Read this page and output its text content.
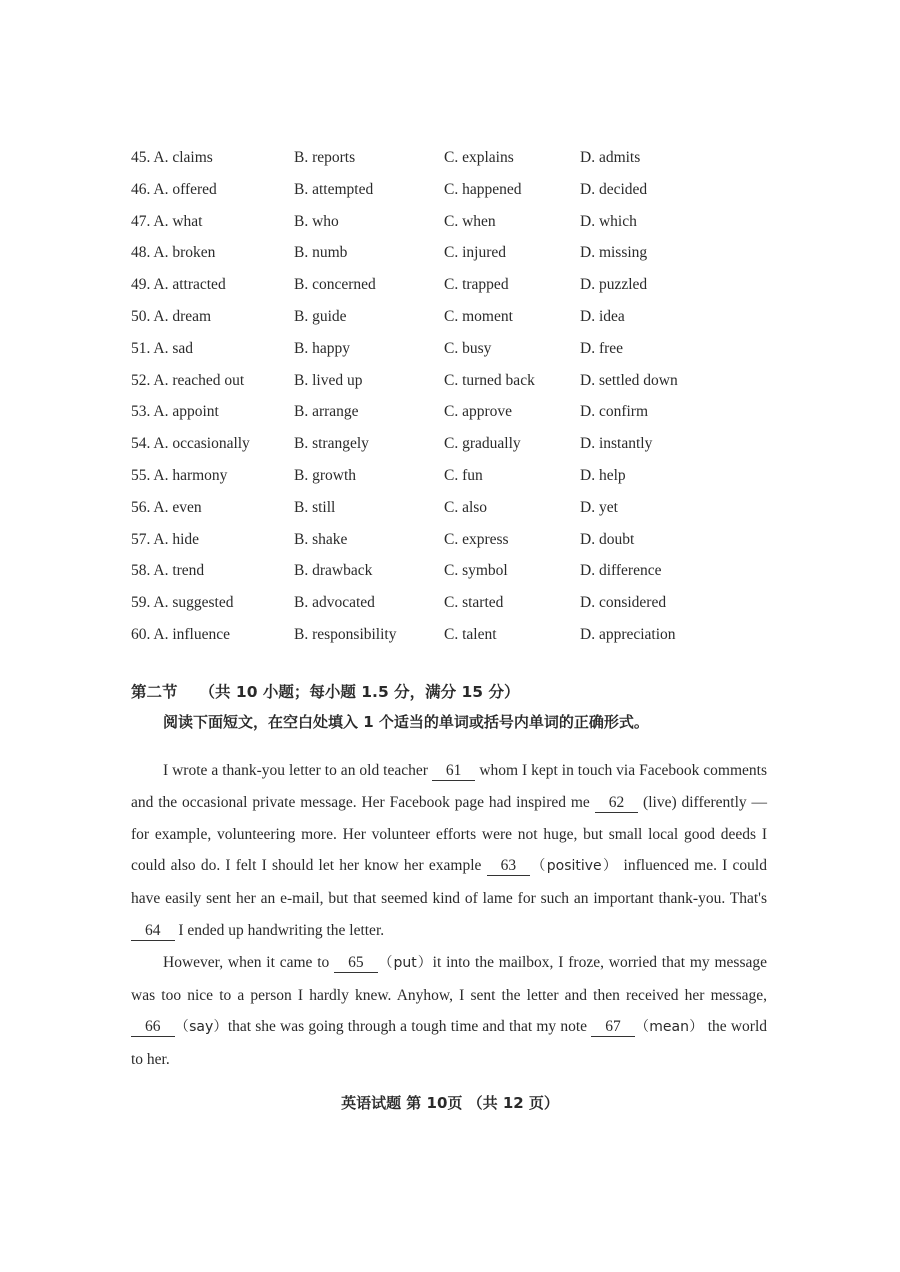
45. A. claims	B. reports	C. explains	D. admits
46. A. offered	B. attempted	C. happened	D. decided
47. A. what	B. who	C. when	D. which
48. A. broken	B. numb	C. injured	D. missing
49. A. attracted	B. concerned	C. trapped	D. puzzled
50. A. dream	B. guide	C. moment	D. idea
51. A. sad	B. happy	C. busy	D. free
52. A. reached out	B. lived up	C. turned back	D. settled down
53. A. appoint	B. arrange	C. approve	D. confirm
54. A. occasionally	B. strangely	C. gradually	D. instantly
55. A. harmony	B. growth	C. fun	D. help
56. A. even	B. still	C. also	D. yet
57. A. hide	B. shake	C. express	D. doubt
58. A. trend	B. drawback	C. symbol	D. difference
59. A. suggested	B. advocated	C. started	D. considered
60. A. influence	B. responsibility	C. talent	D. appreciation
第二节 （共 10 小题；每小题 1.5 分，满分 15 分）
阅读下面短文，在空白处填入 1 个适当的单词或括号内单词的正确形式。

I wrote a thank-you letter to an old teacher 61 whom I kept in touch via Facebook comments and the occasional private message. Her Facebook page had inspired me 62 (live) differently — for example, volunteering more. Her volunteer efforts were not huge, but small local good deeds I could also do. I felt I should let her know her example 63 （positive） influenced me. I could have easily sent her an e-mail, but that seemed kind of lame for such an important thank-you. That's 64 I ended up handwriting the letter.

However, when it came to 65 （put）it into the mailbox, I froze, worried that my message was too nice to a person I hardly knew. Anyhow, I sent the letter and then received her message, 66 （say）that she was going through a tough time and that my note 67 （mean） the world to her.

英语试题 第 10页 （共 12 页）
